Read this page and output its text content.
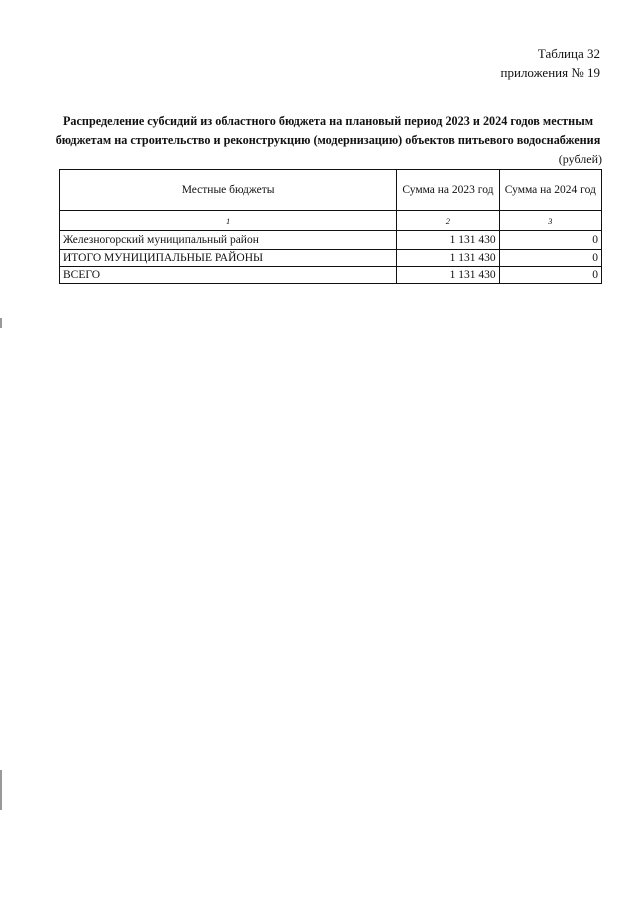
Таблица 32
приложения № 19
Распределение субсидий из областного бюджета на плановый период 2023 и 2024 годов местным бюджетам на строительство и реконструкцию (модернизацию) объектов питьевого водоснабжения
(рублей)
Местные бюджеты	Сумма на 2023 год	Сумма на 2024 год
1	2	3
Железногорский муниципальный район	1 131 430	0
ИТОГО МУНИЦИПАЛЬНЫЕ РАЙОНЫ	1 131 430	0
ВСЕГО	1 131 430	0
